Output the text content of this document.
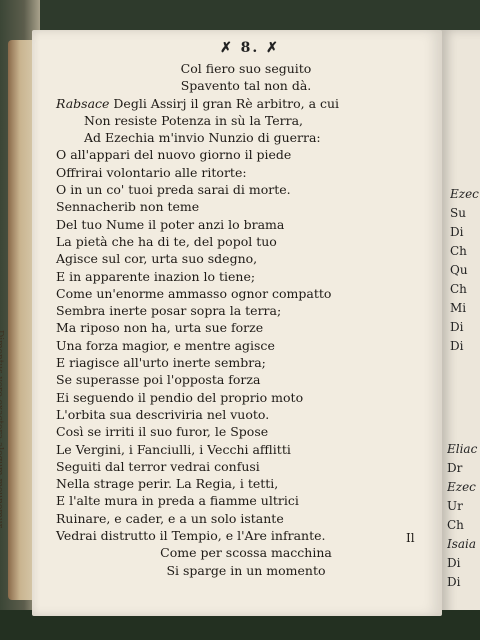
✗ 8. ✗
Col fiero suo seguito
Spavento tal non dà.
Rabsace Degli Assirj il gran Rè arbitro, a cui
Non resiste Potenza in sù la Terra,
Ad Ezechia m'invio Nunzio di guerra:
O all'appari del nuovo giorno il piede
Offrirai volontario alle ritorte:
O in un co' tuoi preda sarai di morte.
Sennacherib non teme
Del tuo Nume il poter anzi lo brama
La pietà che ha di te, del popol tuo
Agisce sul cor, urta suo sdegno,
E in apparente inazion lo tiene;
Come un'enorme ammasso ognor compatto
Sembra inerte posar sopra la terra;
Ma riposo non ha, urta sue forze
Una forza magior, e mentre agisce
E riagisce all'urto inerte sembra;
Se superasse poi l'opposta forza
Ei seguendo il pendio del proprio moto
L'orbita sua descriviria nel vuoto.
Così se irriti il suo furor, le Spose
Le Vergini, i Fanciulli, i Vecchi afflitti
Seguiti dal terror vedrai confusi
Nella strage perir. La Regia, i tetti,
E l'alte mura in preda a fiamme ultrici
Ruinare, e cader, e a un solo istante
Vedrai distrutto il Tempio, e l'Are infrante.
Come per scossa macchina
Si sparge in un momento
Il
Ezec
Su
Di
Ch
Qu
Ch
Mi
Di
Di
Eliac
Dr
Ezec
Ur
Ch
Isaia
Di
Di
